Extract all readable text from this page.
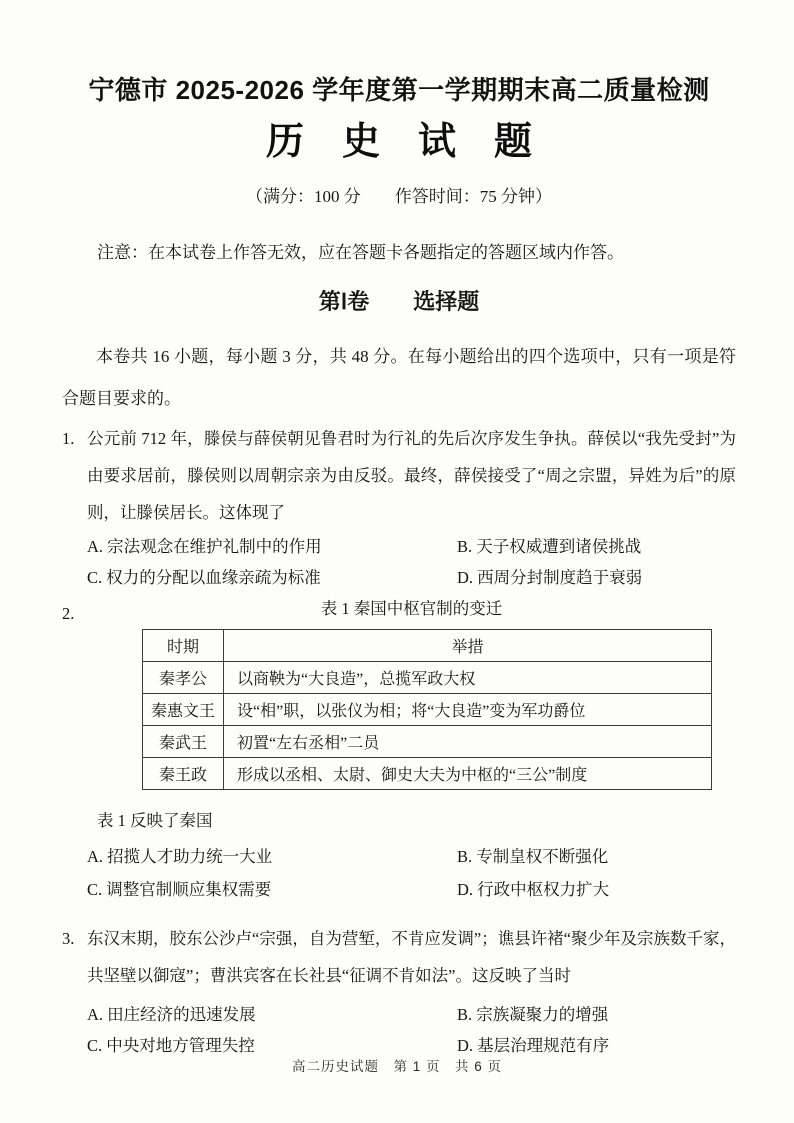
宁德市 2025-2026 学年度第一学期期末高二质量检测
历　史　试　题
（满分：100 分　　作答时间：75 分钟）
注意：在本试卷上作答无效，应在答题卡各题指定的答题区域内作答。
第Ⅰ卷　　选择题
本卷共 16 小题，每小题 3 分，共 48 分。在每小题给出的四个选项中，只有一项是符合题目要求的。
1. 公元前 712 年，滕侯与薛侯朝见鲁君时为行礼的先后次序发生争执。薛侯以“我先受封”为由要求居前，滕侯则以周朝宗亲为由反驳。最终，薛侯接受了“周之宗盟，异姓为后”的原则，让滕侯居长。这体现了
A. 宗法观念在维护礼制中的作用	B. 天子权威遭到诸侯挑战
C. 权力的分配以血缘亲疏为标准	D. 西周分封制度趋于衰弱
2.	表 1 秦国中枢官制的变迁
时期	举措
秦孝公	以商鞅为“大良造”，总揽军政大权
秦惠文王	设“相”职，以张仪为相；将“大良造”变为军功爵位
秦武王	初置“左右丞相”二员
秦王政	形成以丞相、太尉、御史大夫为中枢的“三公”制度
表 1 反映了秦国
A. 招揽人才助力统一大业	B. 专制皇权不断强化
C. 调整官制顺应集权需要	D. 行政中枢权力扩大
3. 东汉末期，胶东公沙卢“宗强，自为营堑，不肯应发调”；谯县许褚“聚少年及宗族数千家，共坚壁以御寇”；曹洪宾客在长社县“征调不肯如法”。这反映了当时
A. 田庄经济的迅速发展	B. 宗族凝聚力的增强
C. 中央对地方管理失控	D. 基层治理规范有序
高二历史试题　第 1 页　共 6 页
